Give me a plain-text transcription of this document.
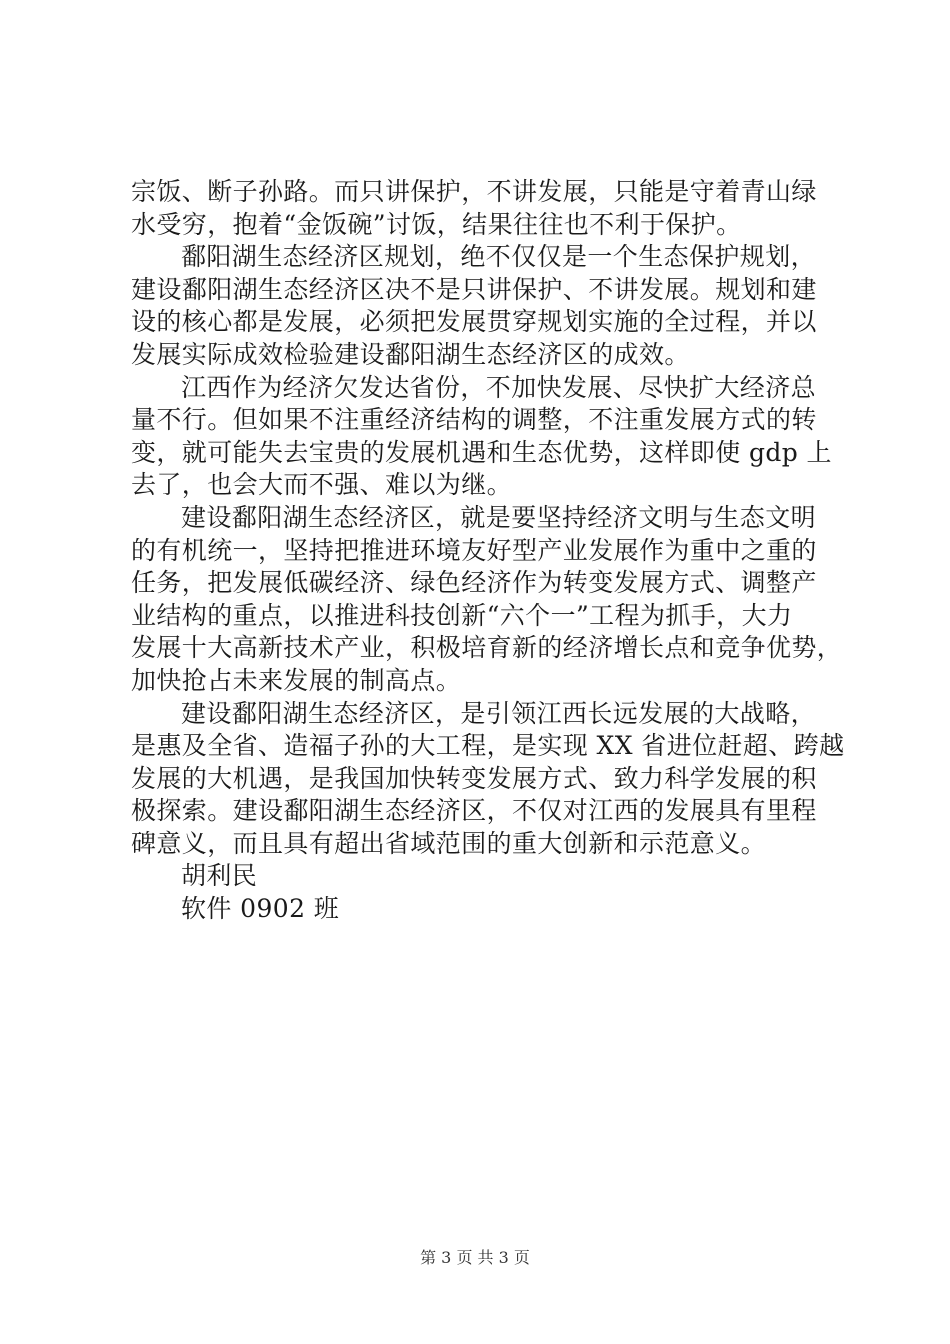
宗饭、断子孙路。而只讲保护，不讲发展，只能是守着青山绿
水受穷，抱着“金饭碗”讨饭，结果往往也不利于保护。
鄱阳湖生态经济区规划，绝不仅仅是一个生态保护规划，
建设鄱阳湖生态经济区决不是只讲保护、不讲发展。规划和建
设的核心都是发展，必须把发展贯穿规划实施的全过程，并以
发展实际成效检验建设鄱阳湖生态经济区的成效。
江西作为经济欠发达省份，不加快发展、尽快扩大经济总
量不行。但如果不注重经济结构的调整，不注重发展方式的转
变，就可能失去宝贵的发展机遇和生态优势，这样即使 gdp 上
去了，也会大而不强、难以为继。
建设鄱阳湖生态经济区，就是要坚持经济文明与生态文明
的有机统一，坚持把推进环境友好型产业发展作为重中之重的
任务，把发展低碳经济、绿色经济作为转变发展方式、调整产
业结构的重点，以推进科技创新“六个一”工程为抓手，大力
发展十大高新技术产业，积极培育新的经济增长点和竞争优势，
加快抢占未来发展的制高点。
建设鄱阳湖生态经济区，是引领江西长远发展的大战略，
是惠及全省、造福子孙的大工程，是实现 XX 省进位赶超、跨越
发展的大机遇，是我国加快转变发展方式、致力科学发展的积
极探索。建设鄱阳湖生态经济区，不仅对江西的发展具有里程
碑意义，而且具有超出省域范围的重大创新和示范意义。
胡利民
软件 0902 班
第 3 页 共 3 页
